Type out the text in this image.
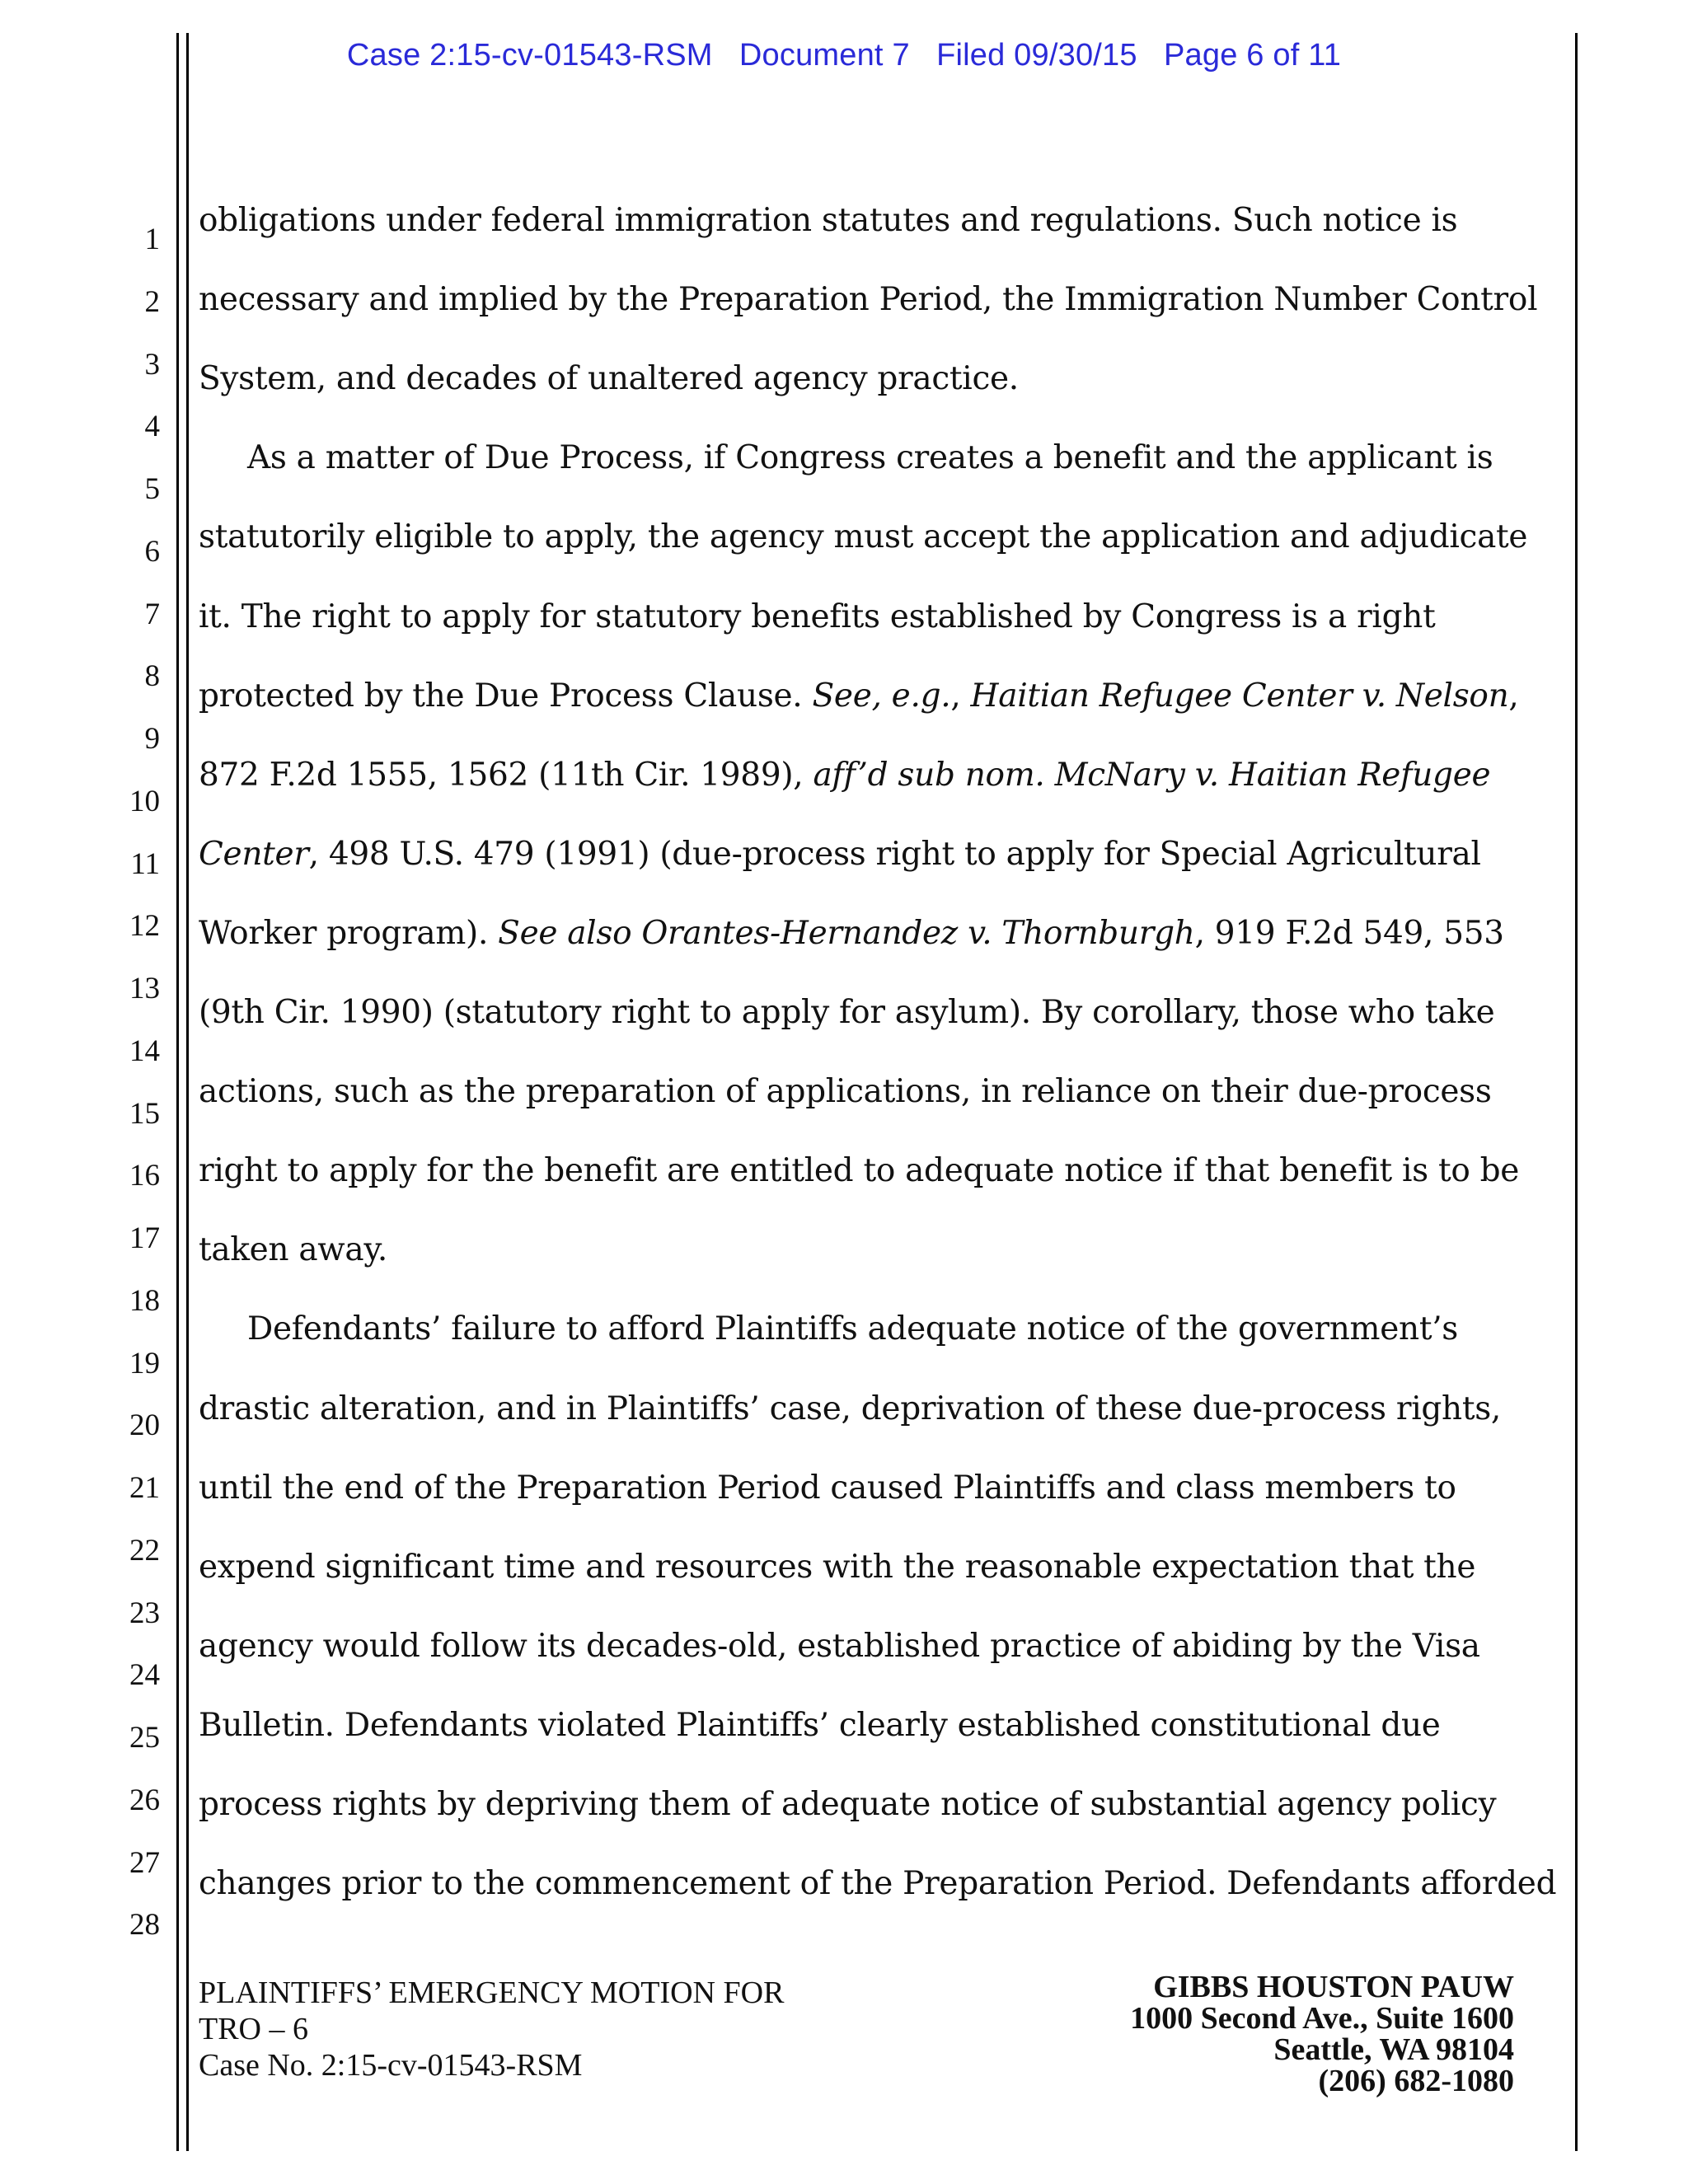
Case 2:15-cv-01543-RSM Document 7 Filed 09/30/15 Page 6 of 11
1
2
3
4
5
6
7
8
9
10
11
12
13
14
15
16
17
18
19
20
21
22
23
24
25
26
27
28
obligations under federal immigration statutes and regulations. Such notice is
necessary and implied by the Preparation Period, the Immigration Number Control
System, and decades of unaltered agency practice.
As a matter of Due Process, if Congress creates a benefit and the applicant is
statutorily eligible to apply, the agency must accept the application and adjudicate
it. The right to apply for statutory benefits established by Congress is a right
protected by the Due Process Clause. See, e.g., Haitian Refugee Center v. Nelson,
872 F.2d 1555, 1562 (11th Cir. 1989), aff’d sub nom. McNary v. Haitian Refugee
Center, 498 U.S. 479 (1991) (due-process right to apply for Special Agricultural
Worker program). See also Orantes-Hernandez v. Thornburgh, 919 F.2d 549, 553
(9th Cir. 1990) (statutory right to apply for asylum). By corollary, those who take
actions, such as the preparation of applications, in reliance on their due-process
right to apply for the benefit are entitled to adequate notice if that benefit is to be
taken away.
Defendants’ failure to afford Plaintiffs adequate notice of the government’s
drastic alteration, and in Plaintiffs’ case, deprivation of these due-process rights,
until the end of the Preparation Period caused Plaintiffs and class members to
expend significant time and resources with the reasonable expectation that the
agency would follow its decades-old, established practice of abiding by the Visa
Bulletin. Defendants violated Plaintiffs’ clearly established constitutional due
process rights by depriving them of adequate notice of substantial agency policy
changes prior to the commencement of the Preparation Period. Defendants afforded
PLAINTIFFS’ EMERGENCY MOTION FOR
TRO – 6
Case No. 2:15-cv-01543-RSM
GIBBS HOUSTON PAUW
1000 Second Ave., Suite 1600
Seattle, WA 98104
(206) 682-1080
